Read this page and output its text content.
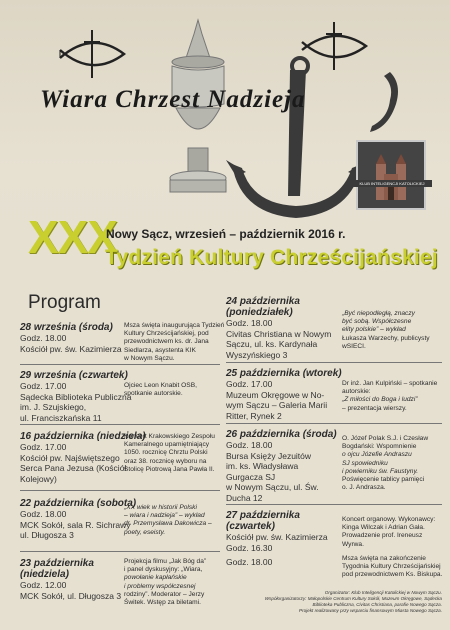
Wiara Chrzest Nadzieja
KLUB INTELIGENCJI KATOLICKIEJ
XXX
Nowy Sącz, wrzesień – październik 2016 r.
Tydzień Kultury Chrześcijańskiej
Program
28 września (środa)
Godz. 18.00
Kościół pw. św. Kazimierza
Msza święta inaugurująca Tydzień
Kultury Chrześcijańskiej, pod
przewodnictwem ks. dr. Jana
Siedlarza, asystenta KIK
w Nowym Sączu.
29 września (czwartek)
Godz. 17.00
Sądecka Biblioteka Publiczna
im. J. Szujskiego,
ul. Franciszkańska 11
Ojciec Leon Knabit OSB,
spotkanie autorskie.
16 października (niedziela)
Godz. 17.00
Kościół pw. Najświętszego
Serca Pana Jezusa (Kościół
Kolejowy)
Koncert Krakowskiego Zespołu
Kameralnego upamiętniający
1050. rocznicę Chrztu Polski
oraz 38. rocznicę wyboru na
Stolicę Piotrową Jana Pawła II.
22 października (sobota)
Godz. 18.00
MCK Sokół, sala R. Sichrawy
ul. Długosza 3
„XX wiek w historii Polski
– wiara i nadzieja” – wykład
dr. Przemysława Dakowicza –
poety, eseisty.
23 października
(niedziela)
Godz. 12.00
MCK Sokół, ul. Długosza 3
Projekcja filmu „Jak Bóg da”
i panel dyskusyjny: „Wiara,
powołanie kapłańskie
i problemy współczesnej
rodziny”. Moderator – Jerzy
Świtek. Wstęp za biletami.
24 października
(poniedziałek)
Godz. 18.00
Civitas Christiana w Nowym
Sączu, ul. ks. Kardynała
Wyszyńskiego 3
„Być niepodległą, znaczy
być sobą. Współczesne
elity polskie” – wykład
Łukasza Warzechy, publicysty
wSIECI.
25 października (wtorek)
Godz. 17.00
Muzeum Okręgowe w No-
wym Sączu – Galeria Marii
Ritter, Rynek 2
Dr inż. Jan Kulpiński – spotkanie
autorskie:
„Z miłości do Boga i ludzi”
– prezentacja wierszy.
26 października (środa)
Godz. 18.00
Bursa Księży Jezuitów
im. ks. Władysława
Gurgacza SJ
w Nowym Sączu, ul. Św.
Ducha 12
O. Józef Polak S.J. i Czesław
Bogdański: Wspomnienie
o ojcu Józefie Andraszu
SJ spowiedniku
i powierniku św. Faustyny.
Poświęcenie tablicy pamięci
o. J. Andrasza.
27 października
(czwartek)
Kościół pw. św. Kazimierza
Godz. 16.30
Godz. 18.00
Koncert organowy. Wykonawcy:
Kinga Wilczak i Adrian Gała.
Prowadzenie prof. Ireneusz
Wyrwa.
Msza święta na zakończenie
Tygodnia Kultury Chrześcijańskiej
pod przewodnictwem Ks. Biskupa.
Organizator: Klub Inteligencji Katolickiej w Nowym Sączu.
Współorganizatorzy: Małopolskie Centrum Kultury Sokół, Muzeum Okręgowe, Sądecka
Biblioteka Publiczna, Civitas Christiana, parafie Nowego Sącza.
Projekt realizowany przy wsparciu finansowym Miasta Nowego Sącza.
